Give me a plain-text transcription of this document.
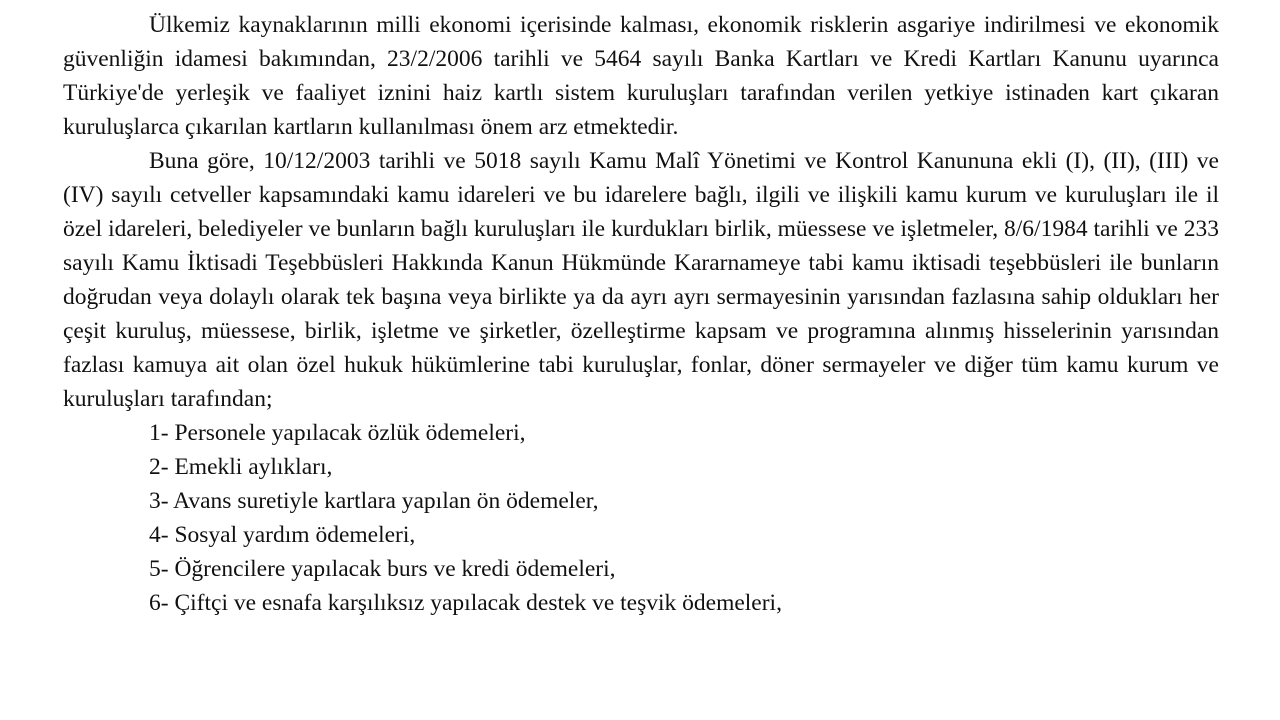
Ülkemiz kaynaklarının milli ekonomi içerisinde kalması, ekonomik risklerin asgariye indirilmesi ve ekonomik güvenliğin idamesi bakımından, 23/2/2006 tarihli ve 5464 sayılı Banka Kartları ve Kredi Kartları Kanunu uyarınca Türkiye'de yerleşik ve faaliyet iznini haiz kartlı sistem kuruluşları tarafından verilen yetkiye istinaden kart çıkaran kuruluşlarca çıkarılan kartların kullanılması önem arz etmektedir.

Buna göre, 10/12/2003 tarihli ve 5018 sayılı Kamu Malî Yönetimi ve Kontrol Kanununa ekli (I), (II), (III) ve (IV) sayılı cetveller kapsamındaki kamu idareleri ve bu idarelere bağlı, ilgili ve ilişkili kamu kurum ve kuruluşları ile il özel idareleri, belediyeler ve bunların bağlı kuruluşları ile kurdukları birlik, müessese ve işletmeler, 8/6/1984 tarihli ve 233 sayılı Kamu İktisadi Teşebbüsleri Hakkında Kanun Hükmünde Kararnameye tabi kamu iktisadi teşebbüsleri ile bunların doğrudan veya dolaylı olarak tek başına veya birlikte ya da ayrı ayrı sermayesinin yarısından fazlasına sahip oldukları her çeşit kuruluş, müessese, birlik, işletme ve şirketler, özelleştirme kapsam ve programına alınmış hisselerinin yarısından fazlası kamuya ait olan özel hukuk hükümlerine tabi kuruluşlar, fonlar, döner sermayeler ve diğer tüm kamu kurum ve kuruluşları tarafından;

1- Personele yapılacak özlük ödemeleri,
2- Emekli aylıkları,
3- Avans suretiyle kartlara yapılan ön ödemeler,
4- Sosyal yardım ödemeleri,
5- Öğrencilere yapılacak burs ve kredi ödemeleri,
6- Çiftçi ve esnafa karşılıksız yapılacak destek ve teşvik ödemeleri,
